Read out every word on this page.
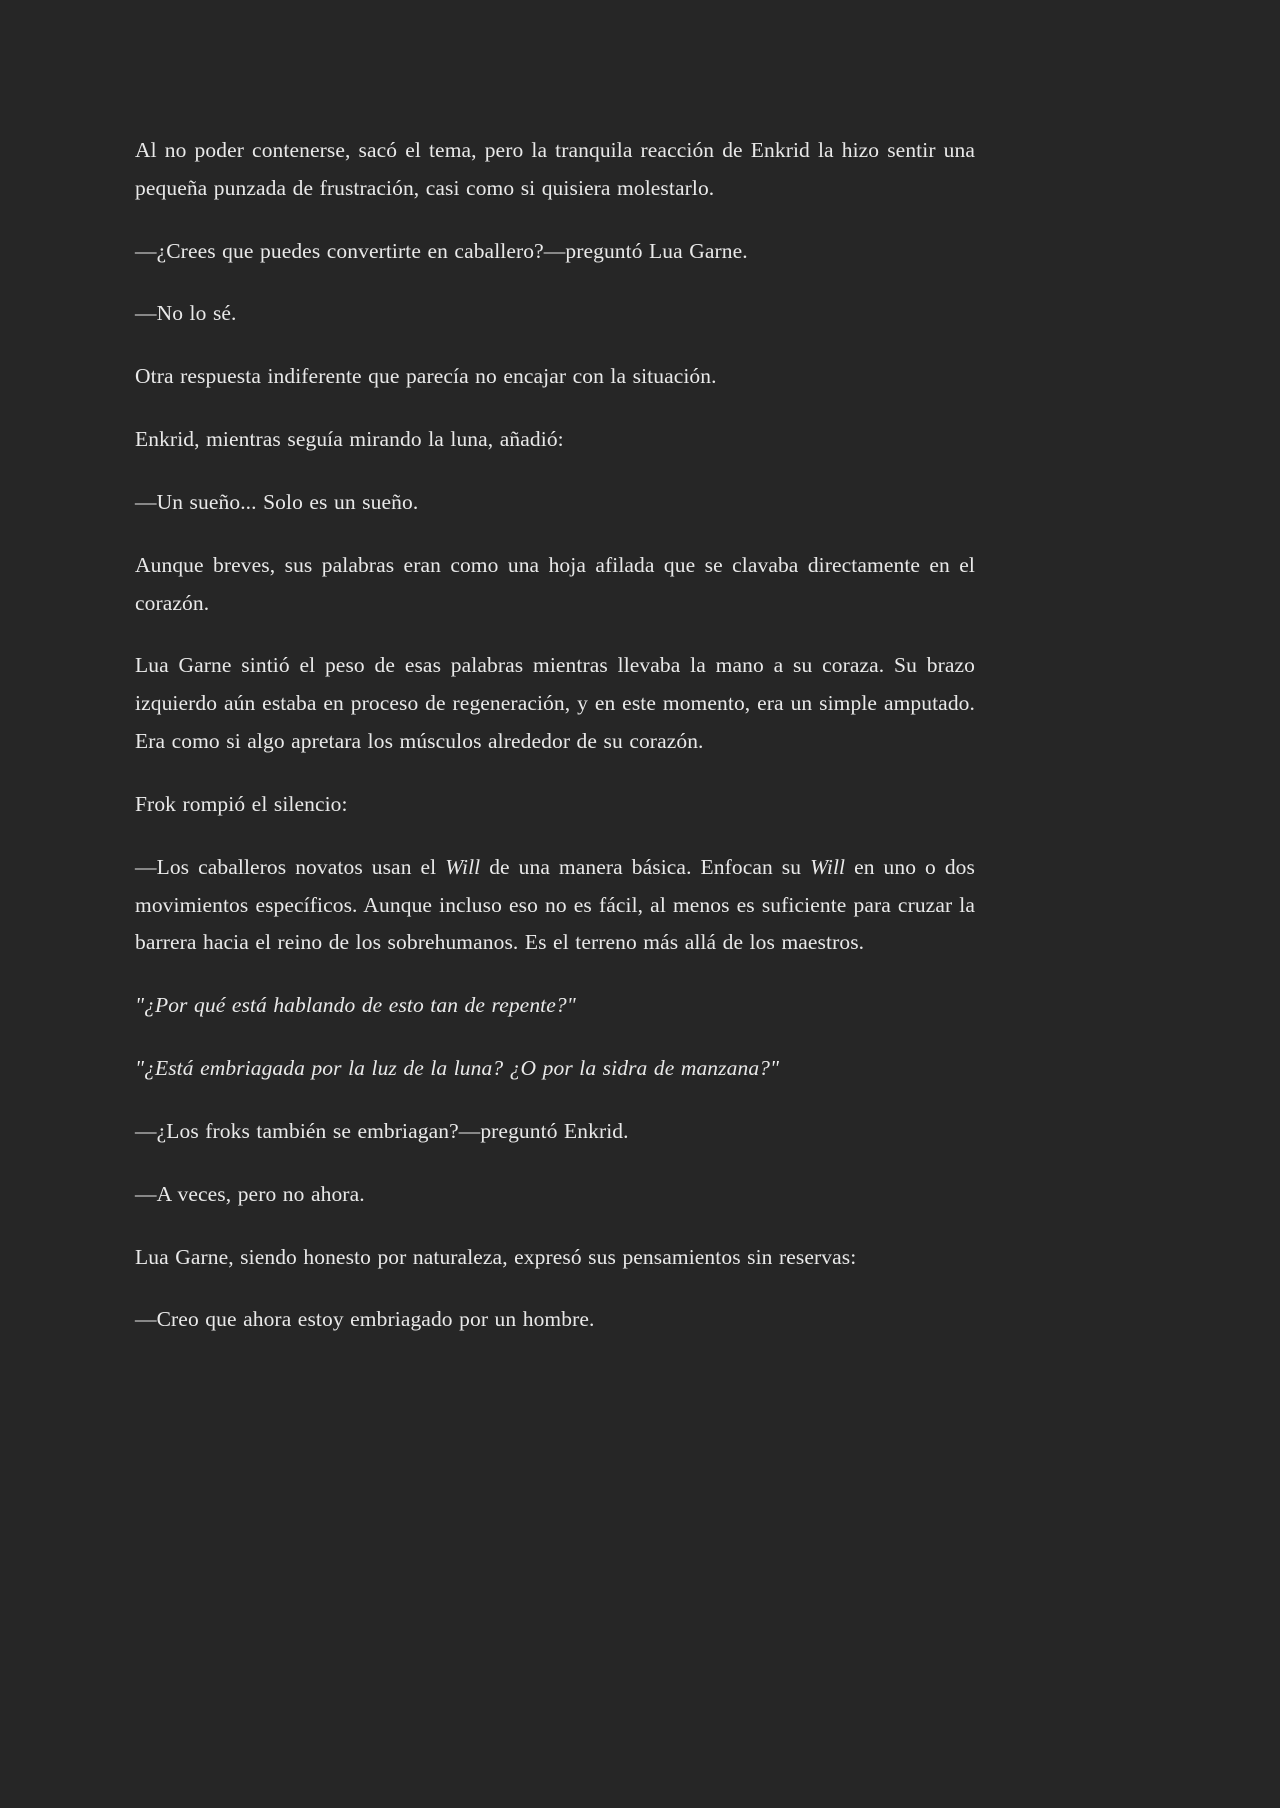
Al no poder contenerse, sacó el tema, pero la tranquila reacción de Enkrid la hizo sentir una pequeña punzada de frustración, casi como si quisiera molestarlo.

—¿Crees que puedes convertirte en caballero?—preguntó Lua Garne.

—No lo sé.

Otra respuesta indiferente que parecía no encajar con la situación.

Enkrid, mientras seguía mirando la luna, añadió:

—Un sueño... Solo es un sueño.

Aunque breves, sus palabras eran como una hoja afilada que se clavaba directamente en el corazón.

Lua Garne sintió el peso de esas palabras mientras llevaba la mano a su coraza. Su brazo izquierdo aún estaba en proceso de regeneración, y en este momento, era un simple amputado. Era como si algo apretara los músculos alrededor de su corazón.

Frok rompió el silencio:

—Los caballeros novatos usan el Will de una manera básica. Enfocan su Will en uno o dos movimientos específicos. Aunque incluso eso no es fácil, al menos es suficiente para cruzar la barrera hacia el reino de los sobrehumanos. Es el terreno más allá de los maestros.

"¿Por qué está hablando de esto tan de repente?"

"¿Está embriagada por la luz de la luna? ¿O por la sidra de manzana?"

—¿Los froks también se embriagan?—preguntó Enkrid.

—A veces, pero no ahora.

Lua Garne, siendo honesto por naturaleza, expresó sus pensamientos sin reservas:

—Creo que ahora estoy embriagado por un hombre.
